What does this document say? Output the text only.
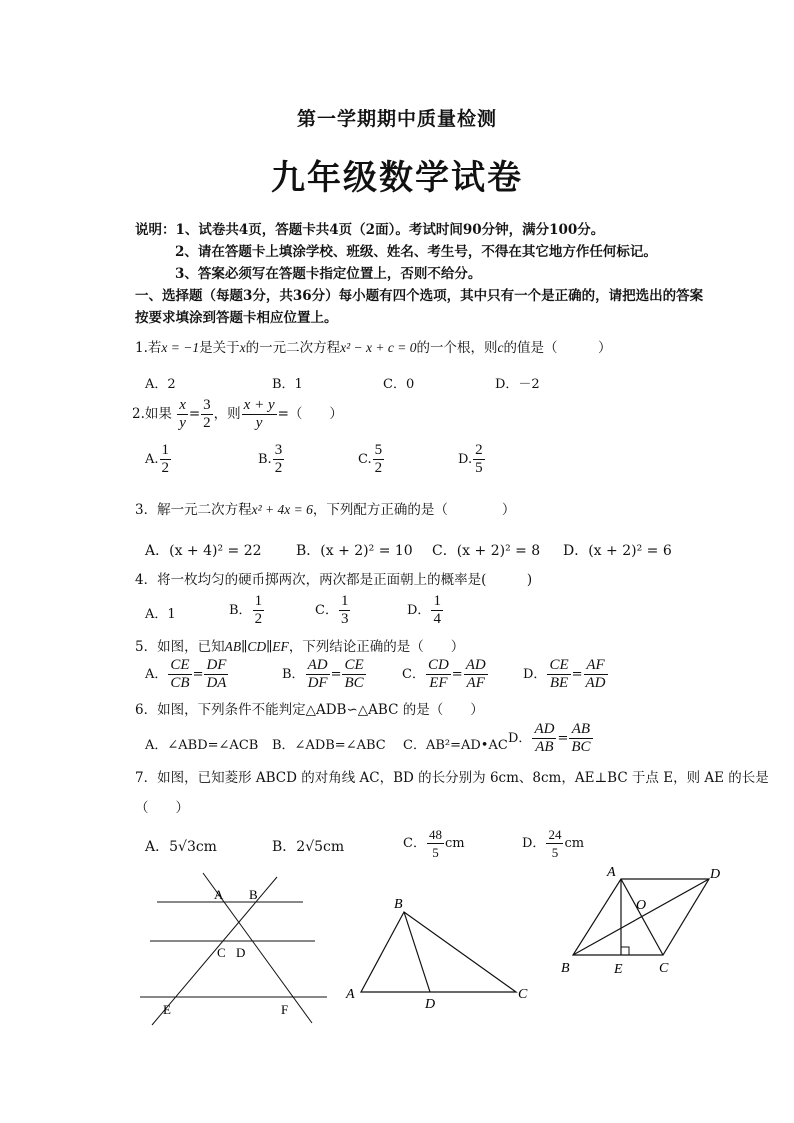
第一学期期中质量检测
九年级数学试卷
说明：1、试卷共4页，答题卡共4页（2面）。考试时间90分钟，满分100分。
2、请在答题卡上填涂学校、班级、姓名、考生号，不得在其它地方作任何标记。
3、答案必须写在答题卡指定位置上，否则不给分。
一、选择题（每题3分，共36分）每小题有四个选项，其中只有一个是正确的，请把选出的答案
按要求填涂到答题卡相应位置上。
1.若x = −1是关于x的一元二次方程x² − x + c = 0的一个根，则c的值是（　　　）
A．2	B．1	C．0	D．－2
2.如果 $\frac{x}{y} = \frac{3}{2}$ ，则 $\frac{x + y}{y}$ =（　　）
A. $\frac{1}{2}$	B. $\frac{3}{2}$	C. $\frac{5}{2}$	D. $\frac{2}{5}$
3．解一元二次方程x² + 4x = 6，下列配方正确的是（　　　　）
A．(x + 4)² = 22 B．(x + 2)² = 10 C．(x + 2)² = 8 D．(x + 2)² = 6
4．将一枚均匀的硬币掷两次，两次都是正面朝上的概率是(　　　)
A．1	B． $\frac{1}{2}$	C． $\frac{1}{3}$	D． $\frac{1}{4}$
5．如图，已知AB∥CD∥EF，下列结论正确的是（　　）
A． $\frac{CE}{CB} = \frac{DF}{DA}$	B． $\frac{AD}{DF} = \frac{CE}{BC}$	C． $\frac{CD}{EF} = \frac{AD}{AF}$	D． $\frac{CE}{BE} = \frac{AF}{AD}$
6．如图，下列条件不能判定△ADB∽△ABC 的是（　　）
A．∠ABD=∠ACB B．∠ADB=∠ABC C．AB²=AD•AC D． $\frac{AD}{AB} = \frac{AB}{BC}$
7．如图，已知菱形 ABCD 的对角线 AC，BD 的长分别为 6cm、8cm，AE⊥BC 于点 E，则 AE 的长是
（　　）
A．5√3cm	B．2√5cm	C． $\frac{48}{5}$ cm	D． $\frac{24}{5}$ cm
A B
C D
E	F
B
A
D
C
A	D
O
B	E	C
